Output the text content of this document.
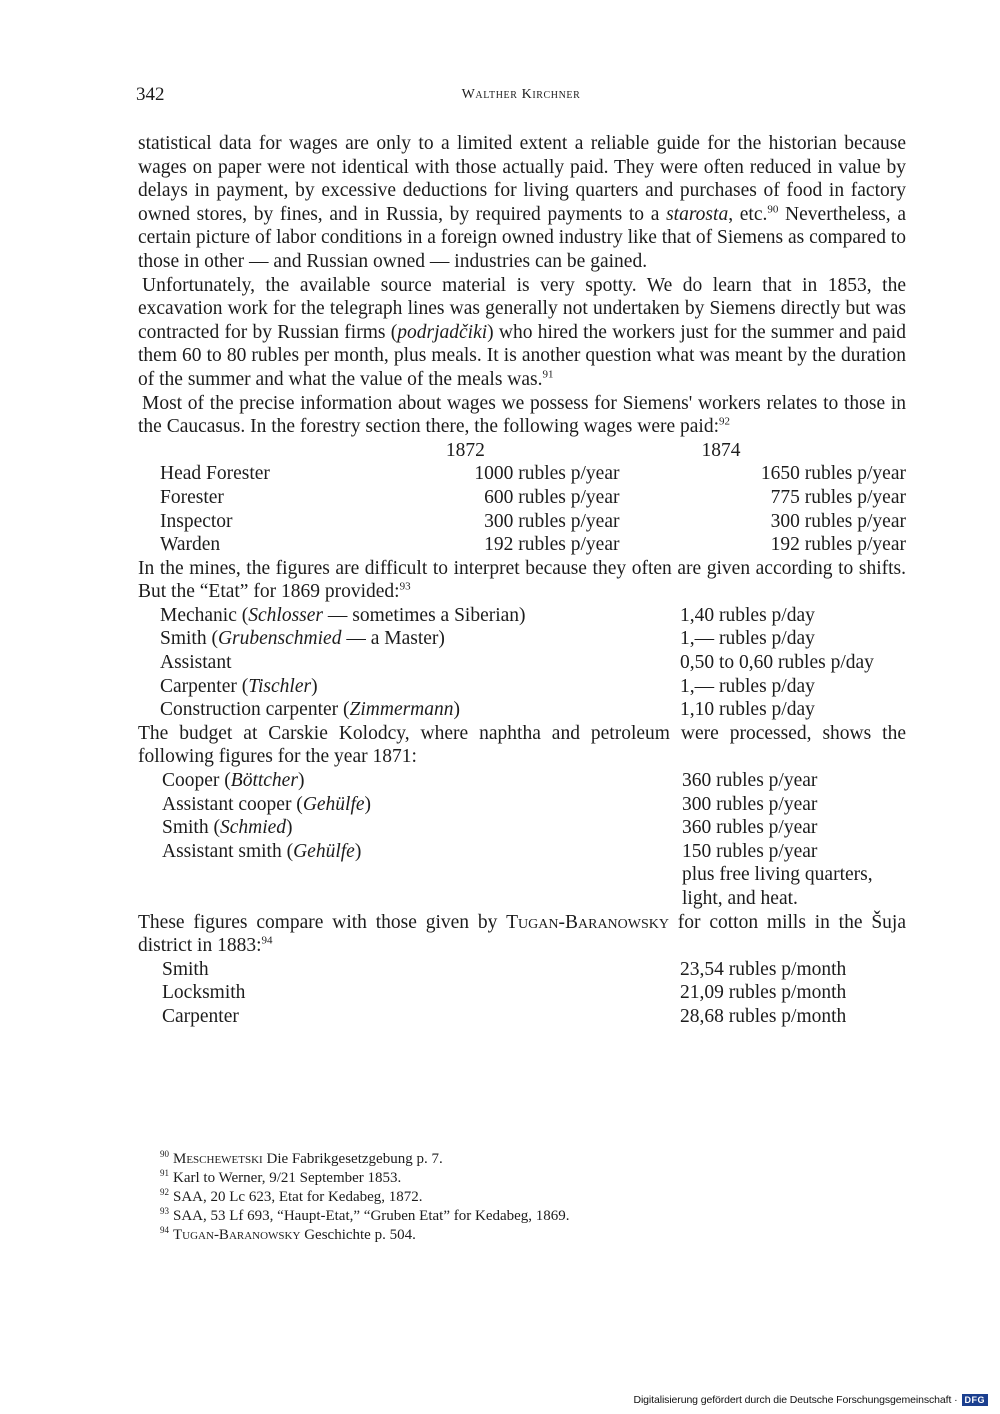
342	Walther Kirchner

statistical data for wages are only to a limited extent a reliable guide for the historian because wages on paper were not identical with those actually paid. They were often reduced in value by delays in payment, by excessive deductions for living quarters and purchases of food in factory owned stores, by fines, and in Russia, by required payments to a starosta, etc.$^{90}$ Nevertheless, a certain picture of labor conditions in a foreign owned industry like that of Siemens as compared to those in other — and Russian owned — industries can be gained.

Unfortunately, the available source material is very spotty. We do learn that in 1853, the excavation work for the telegraph lines was generally not undertaken by Siemens directly but was contracted for by Russian firms (podrjadčiki) who hired the workers just for the summer and paid them 60 to 80 rubles per month, plus meals. It is another question what was meant by the duration of the summer and what the value of the meals was.$^{91}$

Most of the precise information about wages we possess for Siemens' workers relates to those in the Caucasus. In the forestry section there, the following wages were paid:$^{92}$

	1872	1874
Head Forester	1000 rubles p/year	1650 rubles p/year
Forester	600 rubles p/year	775 rubles p/year
Inspector	300 rubles p/year	300 rubles p/year
Warden	192 rubles p/year	192 rubles p/year

In the mines, the figures are difficult to interpret because they often are given according to shifts. But the “Etat” for 1869 provided:$^{93}$

Mechanic (Schlosser — sometimes a Siberian)	1,40 rubles p/day
Smith (Grubenschmied — a Master)	1,— rubles p/day
Assistant	0,50 to 0,60 rubles p/day
Carpenter (Tischler)	1,— rubles p/day
Construction carpenter (Zimmermann)	1,10 rubles p/day

The budget at Carskie Kolodcy, where naphtha and petroleum were processed, shows the following figures for the year 1871:

Cooper (Böttcher)	360 rubles p/year
Assistant cooper (Gehülfe)	300 rubles p/year
Smith (Schmied)	360 rubles p/year
Assistant smith (Gehülfe)	150 rubles p/year
	plus free living quarters,
	light, and heat.

These figures compare with those given by Tugan-Baranowsky for cotton mills in the Šuja district in 1883:$^{94}$

Smith	23,54 rubles p/month
Locksmith	21,09 rubles p/month
Carpenter	28,68 rubles p/month

$^{90}$ Meschewetski Die Fabrikgesetzgebung p. 7.

$^{91}$ Karl to Werner, 9/21 September 1853.

$^{92}$ SAA, 20 Lc 623, Etat for Kedabeg, 1872.

$^{93}$ SAA, 53 Lf 693, “Haupt-Etat,” “Gruben Etat” for Kedabeg, 1869.

$^{94}$ Tugan-Baranowsky Geschichte p. 504.

Digitalisierung gefördert durch die Deutsche Forschungsgemeinschaft · DFG
